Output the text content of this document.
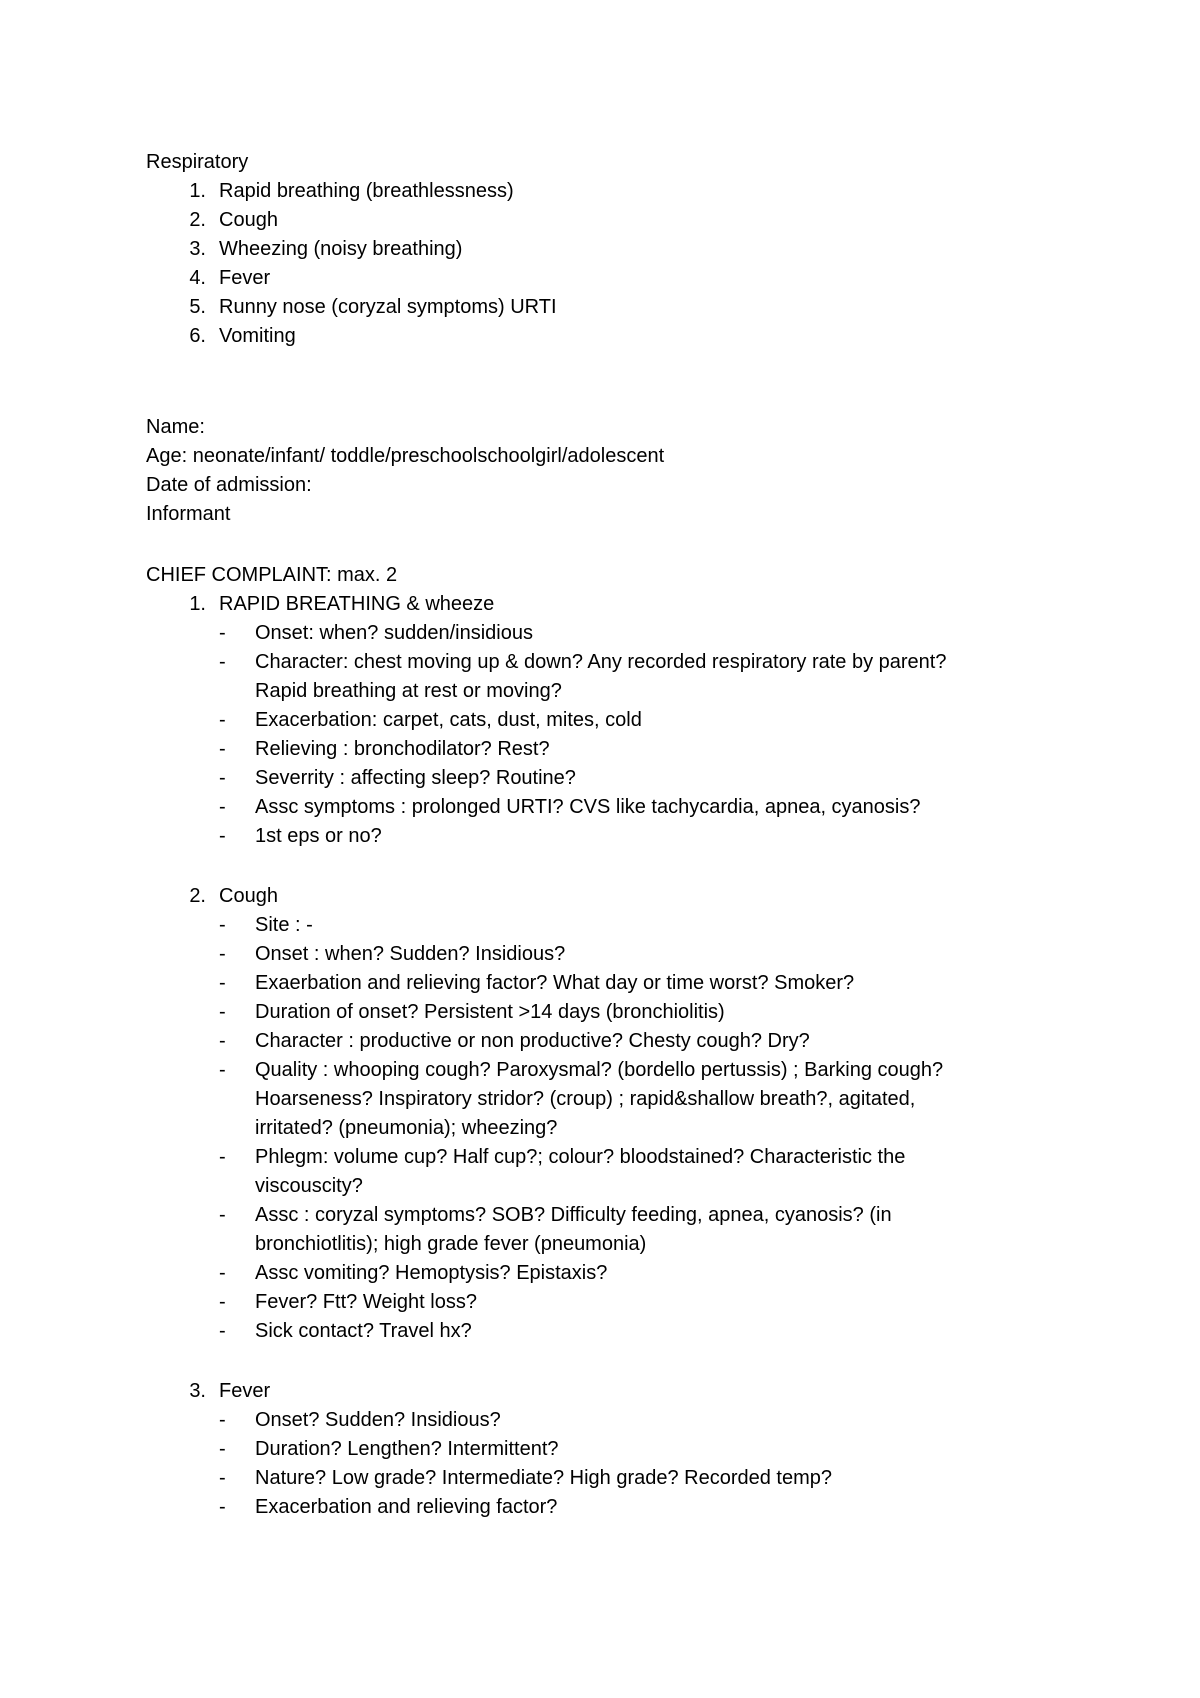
Respiratory
1. Rapid breathing (breathlessness)
2. Cough
3. Wheezing (noisy breathing)
4. Fever
5. Runny nose (coryzal symptoms) URTI
6. Vomiting
Name:
Age: neonate/infant/ toddle/preschoolschoolgirl/adolescent
Date of admission:
Informant
CHIEF COMPLAINT: max. 2
1. RAPID BREATHING & wheeze
- Onset: when? sudden/insidious
- Character: chest moving up & down? Any recorded respiratory rate by parent?
Rapid breathing at rest or moving?
- Exacerbation: carpet, cats, dust, mites, cold
- Relieving : bronchodilator? Rest?
- Severrity : affecting sleep? Routine?
- Assc symptoms : prolonged URTI? CVS like tachycardia, apnea, cyanosis?
- 1st eps or no?
2. Cough
- Site : -
- Onset : when? Sudden? Insidious?
- Exaerbation and relieving factor? What day or time worst? Smoker?
- Duration of onset? Persistent >14 days (bronchiolitis)
- Character : productive or non productive? Chesty cough? Dry?
- Quality : whooping cough? Paroxysmal? (bordello pertussis) ; Barking cough?
Hoarseness? Inspiratory stridor? (croup) ; rapid&shallow breath?, agitated,
irritated? (pneumonia); wheezing?
- Phlegm: volume cup? Half cup?; colour? bloodstained? Characteristic the
viscouscity?
- Assc : coryzal symptoms? SOB? Difficulty feeding, apnea, cyanosis? (in
bronchiotlitis); high grade fever (pneumonia)
- Assc vomiting? Hemoptysis? Epistaxis?
- Fever? Ftt? Weight loss?
- Sick contact? Travel hx?
3. Fever
- Onset? Sudden? Insidious?
- Duration? Lengthen? Intermittent?
- Nature? Low grade? Intermediate? High grade? Recorded temp?
- Exacerbation and relieving factor?
